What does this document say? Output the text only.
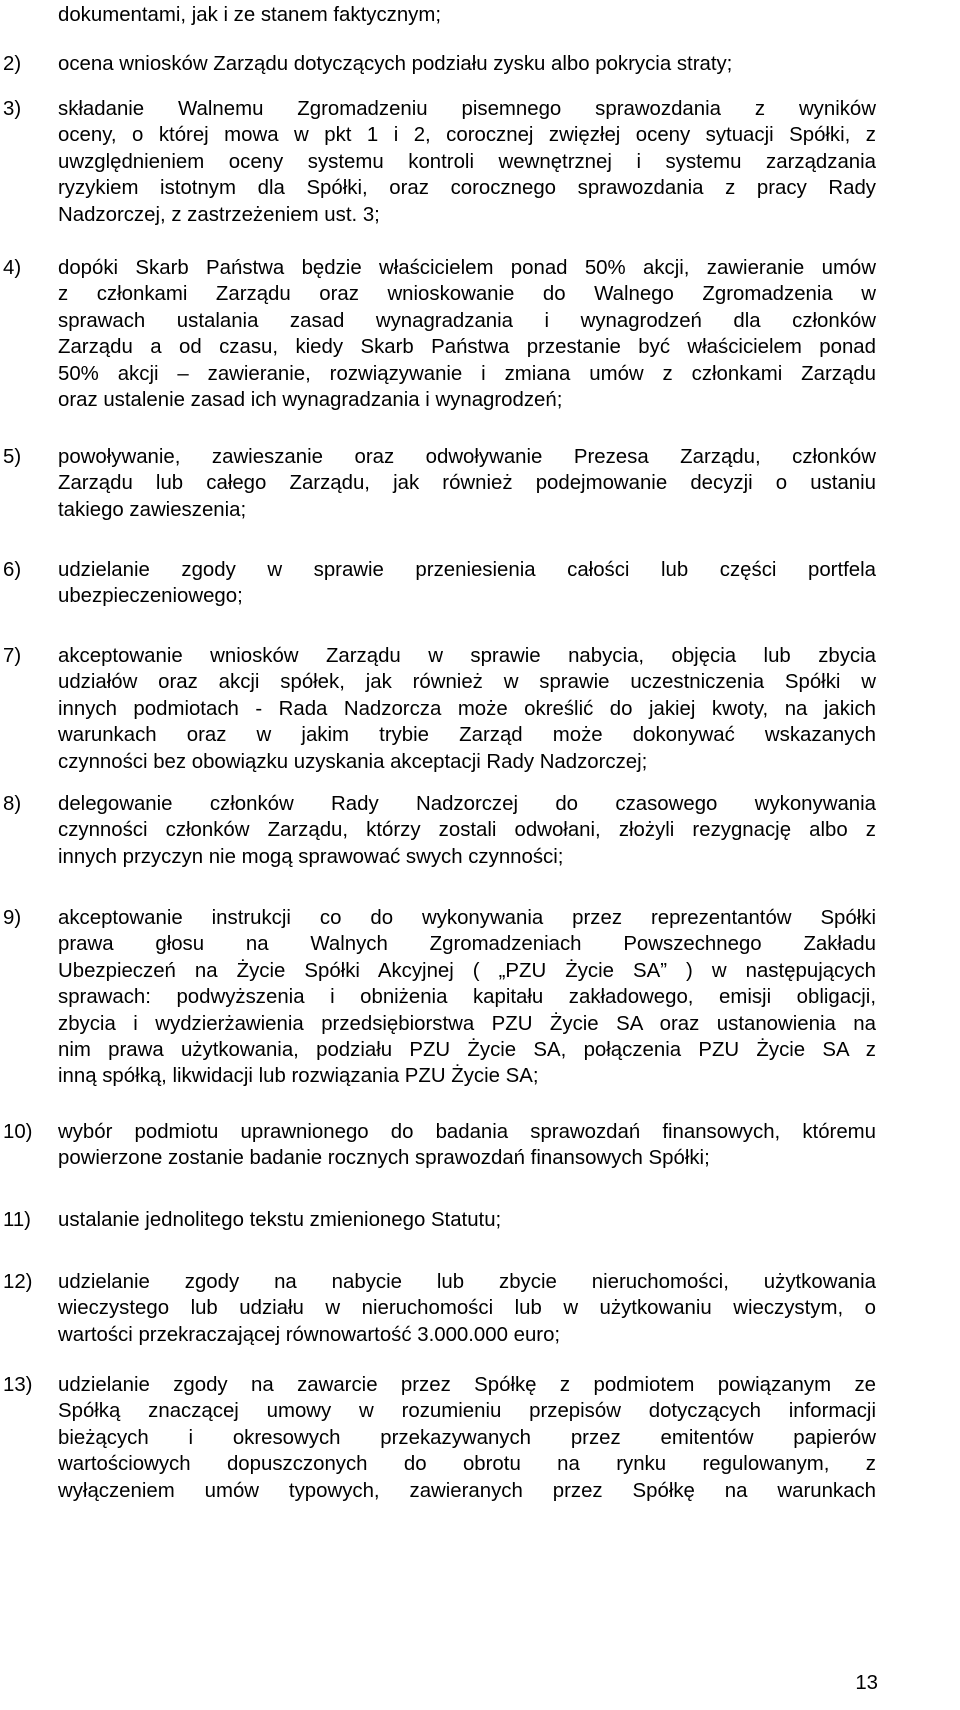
dokumentami, jak i ze stanem faktycznym;
2) ocena wniosków Zarządu dotyczących podziału zysku albo pokrycia straty;
3) składanie Walnemu Zgromadzeniu pisemnego sprawozdania z wyników
oceny, o której mowa w pkt 1 i 2, corocznej zwięzłej oceny sytuacji Spółki, z
uwzględnieniem oceny systemu kontroli wewnętrznej i systemu zarządzania
ryzykiem istotnym dla Spółki, oraz corocznego sprawozdania z pracy Rady
Nadzorczej, z zastrzeżeniem ust. 3;
4) dopóki Skarb Państwa będzie właścicielem ponad 50% akcji, zawieranie umów
z członkami Zarządu oraz wnioskowanie do Walnego Zgromadzenia w
sprawach ustalania zasad wynagradzania i wynagrodzeń dla członków
Zarządu a od czasu, kiedy Skarb Państwa przestanie być właścicielem ponad
50% akcji – zawieranie, rozwiązywanie i zmiana umów z członkami Zarządu
oraz ustalenie zasad ich wynagradzania i wynagrodzeń;
5) powoływanie, zawieszanie oraz odwoływanie Prezesa Zarządu, członków
Zarządu lub całego Zarządu, jak również podejmowanie decyzji o ustaniu
takiego zawieszenia;
6) udzielanie zgody w sprawie przeniesienia całości lub części portfela
ubezpieczeniowego;
7) akceptowanie wniosków Zarządu w sprawie nabycia, objęcia lub zbycia
udziałów oraz akcji spółek, jak również w sprawie uczestniczenia Spółki w
innych podmiotach - Rada Nadzorcza może określić do jakiej kwoty, na jakich
warunkach oraz w jakim trybie Zarząd może dokonywać wskazanych
czynności bez obowiązku uzyskania akceptacji Rady Nadzorczej;
8) delegowanie członków Rady Nadzorczej do czasowego wykonywania
czynności członków Zarządu, którzy zostali odwołani, złożyli rezygnację albo z
innych przyczyn nie mogą sprawować swych czynności;
9) akceptowanie instrukcji co do wykonywania przez reprezentantów Spółki
prawa głosu na Walnych Zgromadzeniach Powszechnego Zakładu
Ubezpieczeń na Życie Spółki Akcyjnej ( „PZU Życie SA” ) w następujących
sprawach: podwyższenia i obniżenia kapitału zakładowego, emisji obligacji,
zbycia i wydzierżawienia przedsiębiorstwa PZU Życie SA oraz ustanowienia na
nim prawa użytkowania, podziału PZU Życie SA, połączenia PZU Życie SA z
inną spółką, likwidacji lub rozwiązania PZU Życie SA;
10) wybór podmiotu uprawnionego do badania sprawozdań finansowych, któremu
powierzone zostanie badanie rocznych sprawozdań finansowych Spółki;
11) ustalanie jednolitego tekstu zmienionego Statutu;
12) udzielanie zgody na nabycie lub zbycie nieruchomości, użytkowania
wieczystego lub udziału w nieruchomości lub w użytkowaniu wieczystym, o
wartości przekraczającej równowartość 3.000.000 euro;
13) udzielanie zgody na zawarcie przez Spółkę z podmiotem powiązanym ze
Spółką znaczącej umowy w rozumieniu przepisów dotyczących informacji
bieżących i okresowych przekazywanych przez emitentów papierów
wartościowych dopuszczonych do obrotu na rynku regulowanym, z
wyłączeniem umów typowych, zawieranych przez Spółkę na warunkach
13
